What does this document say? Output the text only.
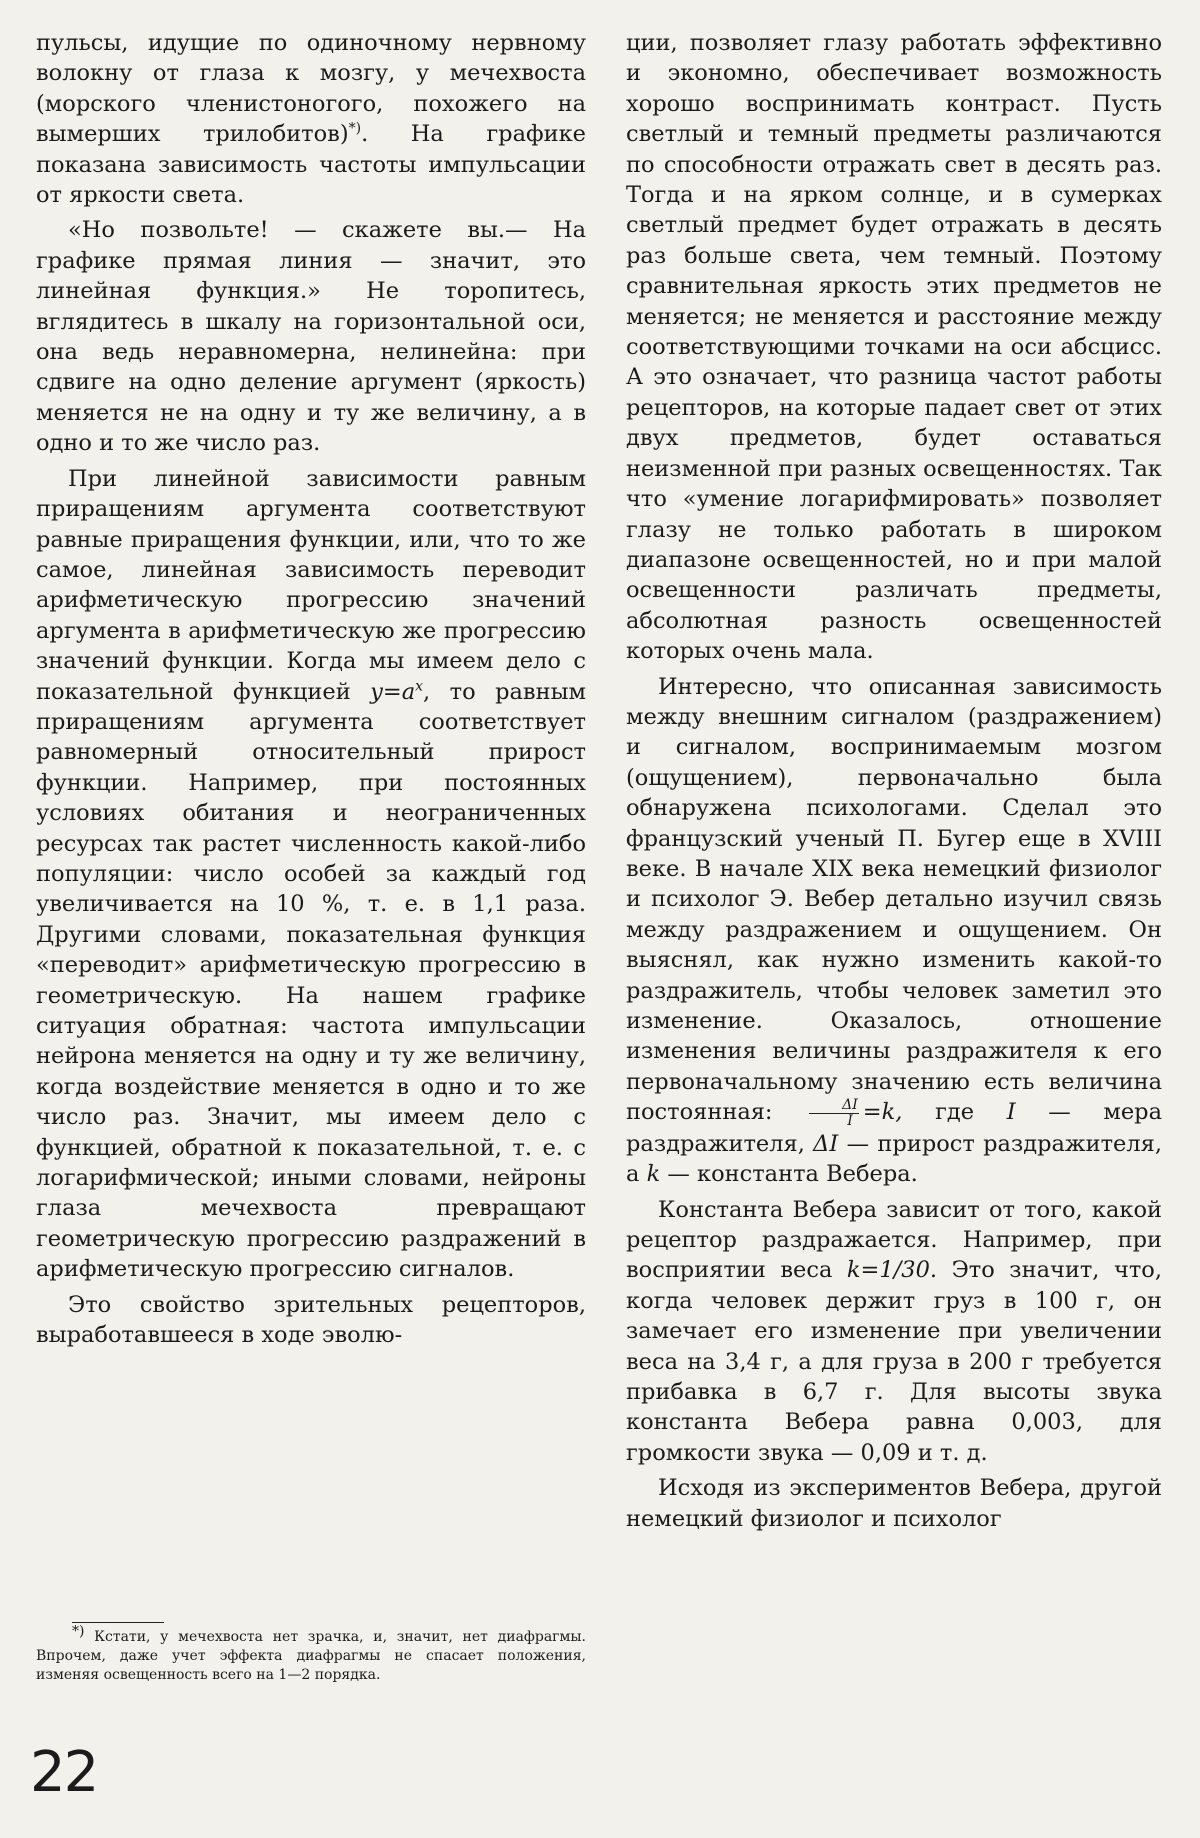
пульсы, идущие по одиночному нервному волокну от глаза к мозгу, у мечехвоста (морского членистоногого, похожего на вымерших трилобитов)*). На графике показана зависимость частоты импульсации от яркости света.

«Но позвольте! — скажете вы.— На графике прямая линия — значит, это линейная функция.» Не торопитесь, вглядитесь в шкалу на горизонтальной оси, она ведь неравномерна, нелинейна: при сдвиге на одно деление аргумент (яркость) меняется не на одну и ту же величину, а в одно и то же число раз.

При линейной зависимости равным приращениям аргумента соответствуют равные приращения функции, или, что то же самое, линейная зависимость переводит арифметическую прогрессию значений аргумента в арифметическую же прогрессию значений функции. Когда мы имеем дело с показательной функцией $y=a^x$, то равным приращениям аргумента соответствует равномерный относительный прирост функции. Например, при постоянных условиях обитания и неограниченных ресурсах так растет численность какой-либо популяции: число особей за каждый год увеличивается на 10 %, т. е. в 1,1 раза. Другими словами, показательная функция «переводит» арифметическую прогрессию в геометрическую. На нашем графике ситуация обратная: частота импульсации нейрона меняется на одну и ту же величину, когда воздействие меняется в одно и то же число раз. Значит, мы имеем дело с функцией, обратной к показательной, т. е. с логарифмической; иными словами, нейроны глаза мечехвоста превращают геометрическую прогрессию раздражений в арифметическую прогрессию сигналов.

Это свойство зрительных рецепторов, выработавшееся в ходе эволю-

ции, позволяет глазу работать эффективно и экономно, обеспечивает возможность хорошо воспринимать контраст. Пусть светлый и темный предметы различаются по способности отражать свет в десять раз. Тогда и на ярком солнце, и в сумерках светлый предмет будет отражать в десять раз больше света, чем темный. Поэтому сравнительная яркость этих предметов не меняется; не меняется и расстояние между соответствующими точками на оси абсцисс. А это означает, что разница частот работы рецепторов, на которые падает свет от этих двух предметов, будет оставаться неизменной при разных освещенностях. Так что «умение логарифмировать» позволяет глазу не только работать в широком диапазоне освещенностей, но и при малой освещенности различать предметы, абсолютная разность освещенностей которых очень мала.

Интересно, что описанная зависимость между внешним сигналом (раздражением) и сигналом, воспринимаемым мозгом (ощущением), первоначально была обнаружена психологами. Сделал это французский ученый П. Бугер еще в XVIII веке. В начале XIX века немецкий физиолог и психолог Э. Вебер детально изучил связь между раздражением и ощущением. Он выяснял, как нужно изменить какой-то раздражитель, чтобы человек заметил это изменение. Оказалось, отношение изменения величины раздражителя к его первоначальному значению есть величина постоянная: $\frac{\Delta I}{I} =k$, где I — мера раздражителя, ΔI — прирост раздражителя, а k — константа Вебера.

Константа Вебера зависит от того, какой рецептор раздражается. Например, при восприятии веса k=1/30. Это значит, что, когда человек держит груз в 100 г, он замечает его изменение при увеличении веса на 3,4 г, а для груза в 200 г требуется прибавка в 6,7 г. Для высоты звука константа Вебера равна 0,003, для громкости звука — 0,09 и т. д.

Исходя из экспериментов Вебера, другой немецкий физиолог и психолог

*) Кстати, у мечехвоста нет зрачка, и, значит, нет диафрагмы. Впрочем, даже учет эффекта диафрагмы не спасает положения, изменяя освещенность всего на 1—2 порядка.

22
